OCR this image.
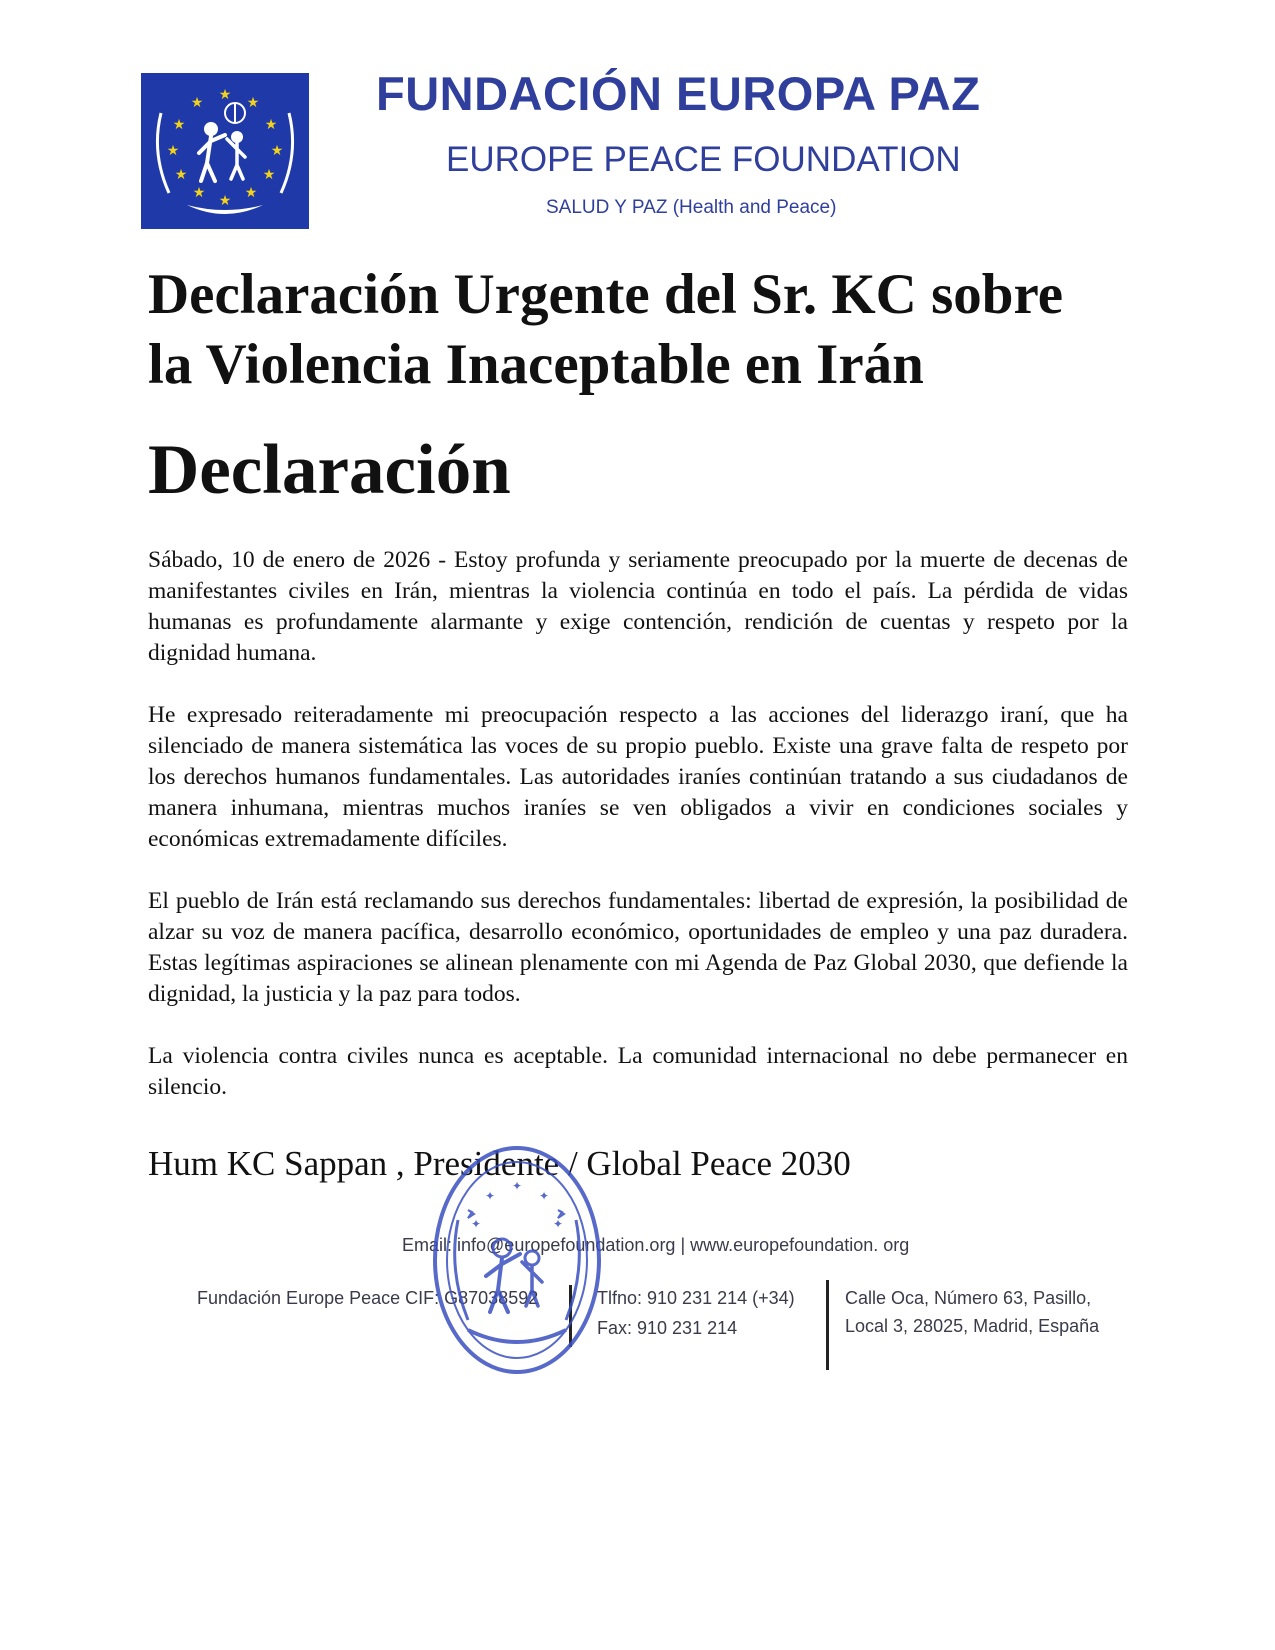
★ ★
★
★
★
★
★
★
★
★
★
★	FUNDACIÓN EUROPA PAZ
EUROPE PEACE FOUNDATION
SALUD Y PAZ (Health and Peace)
Declaración Urgente del Sr. KC sobre
la Violencia Inaceptable en Irán
Declaración

Sábado, 10 de enero de 2026 - Estoy profunda y seriamente preocupado por la muerte de decenas de manifestantes civiles en Irán, mientras la violencia continúa en todo el país. La pérdida de vidas humanas es profundamente alarmante y exige contención, rendición de cuentas y respeto por la dignidad humana.

He expresado reiteradamente mi preocupación respecto a las acciones del liderazgo iraní, que ha silenciado de manera sistemática las voces de su propio pueblo. Existe una grave falta de respeto por los derechos humanos fundamentales. Las autoridades iraníes continúan tratando a sus ciudadanos de manera inhumana, mientras muchos iraníes se ven obligados a vivir en condiciones sociales y económicas extremadamente difíciles.

El pueblo de Irán está reclamando sus derechos fundamentales: libertad de expresión, la posibilidad de alzar su voz de manera pacífica, desarrollo económico, oportunidades de empleo y una paz duradera. Estas legítimas aspiraciones se alinean plenamente con mi Agenda de Paz Global 2030, que defiende la dignidad, la justicia y la paz para todos.

La violencia contra civiles nunca es aceptable. La comunidad internacional no debe permanecer en silencio.

Hum KC Sappan , Presidente / Global Peace 2030
Email: info@europefoundation.org | www.europefoundation. org
Fundación Europe Peace CIF: G87038592	Tlfno: 910 231 214 (+34)
Fax: 910 231 214
Calle Oca, Número 63, Pasillo,
Local 3, 28025, Madrid, España
✦
✦	✦
✦	✦
